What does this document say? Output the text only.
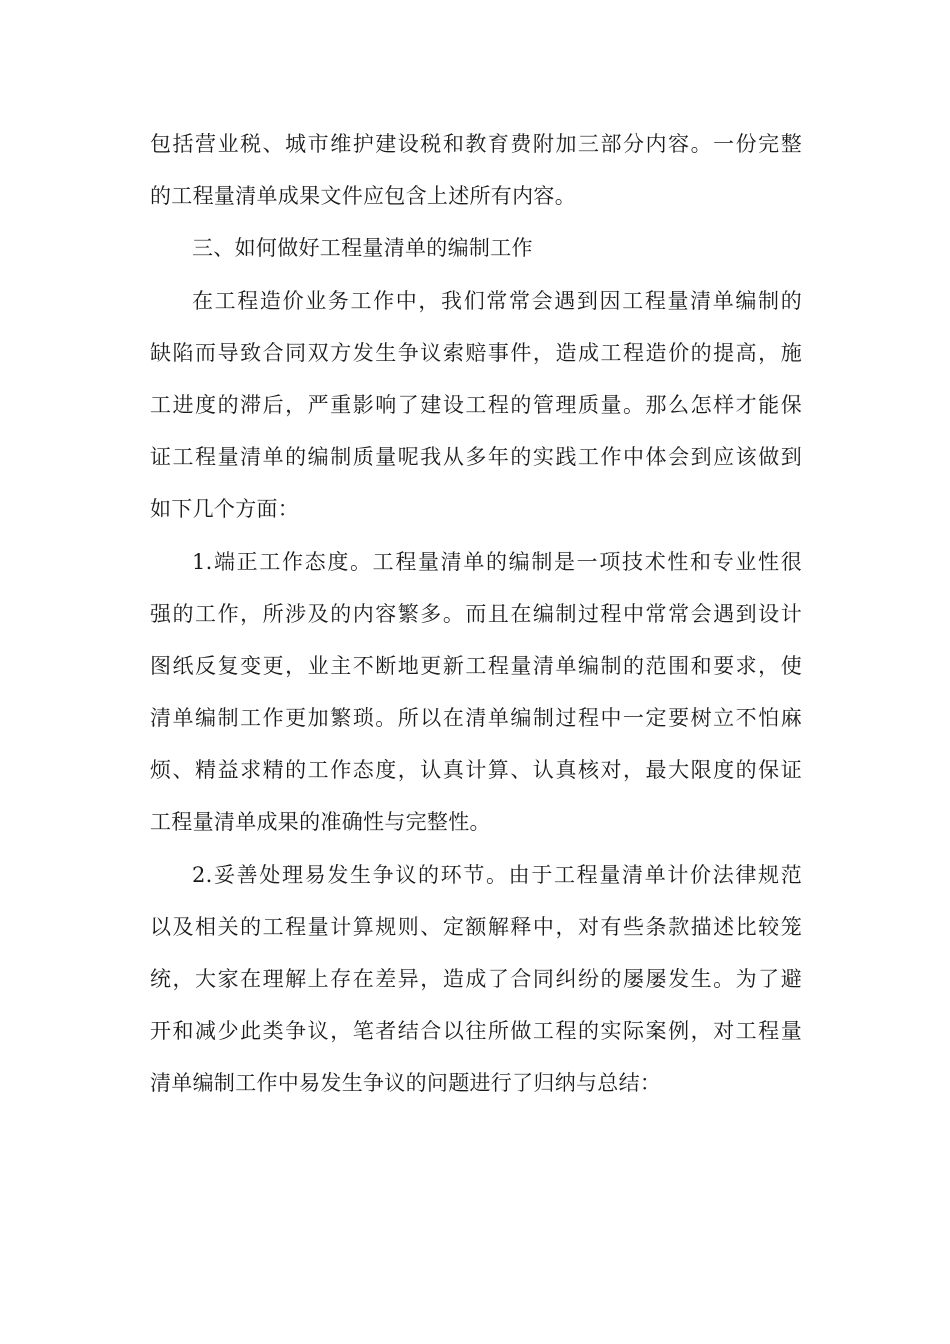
包括营业税、城市维护建设税和教育费附加三部分内容。一份完整
的工程量清单成果文件应包含上述所有内容。
三、如何做好工程量清单的编制工作
在工程造价业务工作中，我们常常会遇到因工程量清单编制的
缺陷而导致合同双方发生争议索赔事件，造成工程造价的提高，施
工进度的滞后，严重影响了建设工程的管理质量。那么怎样才能保
证工程量清单的编制质量呢我从多年的实践工作中体会到应该做到
如下几个方面：
1.端正工作态度。工程量清单的编制是一项技术性和专业性很
强的工作，所涉及的内容繁多。而且在编制过程中常常会遇到设计
图纸反复变更，业主不断地更新工程量清单编制的范围和要求，使
清单编制工作更加繁琐。所以在清单编制过程中一定要树立不怕麻
烦、精益求精的工作态度，认真计算、认真核对，最大限度的保证
工程量清单成果的准确性与完整性。
2.妥善处理易发生争议的环节。由于工程量清单计价法律规范
以及相关的工程量计算规则、定额解释中，对有些条款描述比较笼
统，大家在理解上存在差异，造成了合同纠纷的屡屡发生。为了避
开和减少此类争议，笔者结合以往所做工程的实际案例，对工程量
清单编制工作中易发生争议的问题进行了归纳与总结：
